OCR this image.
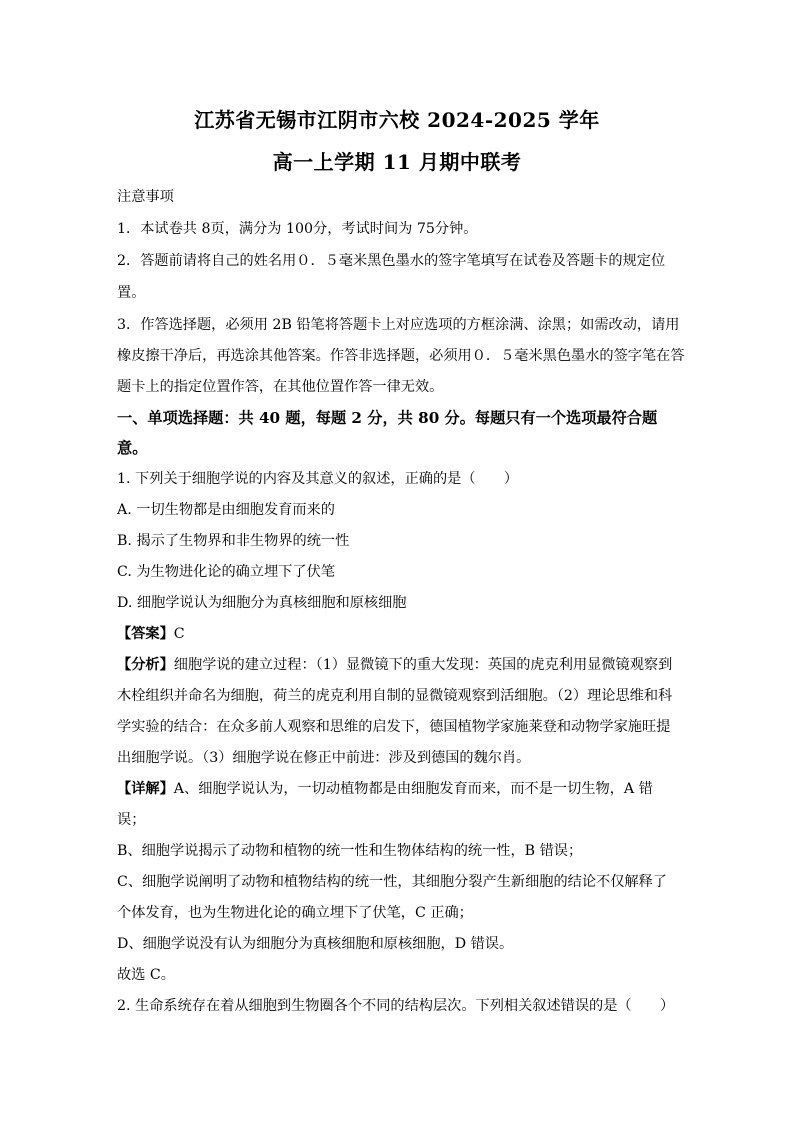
江苏省无锡市江阴市六校 2024-2025 学年
高一上学期 11 月期中联考
注意事项
1．本试卷共 8页，满分为 100分，考试时间为 75分钟。
2．答题前请将自己的姓名用０．５毫米黑色墨水的签字笔填写在试卷及答题卡的规定位
置。
3．作答选择题，必须用 2B 铅笔将答题卡上对应选项的方框涂满、涂黑；如需改动，请用
橡皮擦干净后，再选涂其他答案。作答非选择题，必须用０．５毫米黑色墨水的签字笔在答
题卡上的指定位置作答，在其他位置作答一律无效。
一、单项选择题：共 40 题，每题 2 分，共 80 分。每题只有一个选项最符合题
意。
1. 下列关于细胞学说的内容及其意义的叙述，正确的是（　　）
A. 一切生物都是由细胞发育而来的
B. 揭示了生物界和非生物界的统一性
C. 为生物进化论的确立埋下了伏笔
D. 细胞学说认为细胞分为真核细胞和原核细胞
【答案】C
【分析】细胞学说的建立过程：（1）显微镜下的重大发现：英国的虎克利用显微镜观察到
木栓组织并命名为细胞，荷兰的虎克利用自制的显微镜观察到活细胞。（2）理论思维和科
学实验的结合：在众多前人观察和思维的启发下，德国植物学家施莱登和动物学家施旺提
出细胞学说。（3）细胞学说在修正中前进：涉及到德国的魏尔肖。
【详解】A、细胞学说认为，一切动植物都是由细胞发育而来，而不是一切生物，A 错
误；
B、细胞学说揭示了动物和植物的统一性和生物体结构的统一性，B 错误；
C、细胞学说阐明了动物和植物结构的统一性，其细胞分裂产生新细胞的结论不仅解释了
个体发育，也为生物进化论的确立埋下了伏笔，C 正确；
D、细胞学说没有认为细胞分为真核细胞和原核细胞，D 错误。
故选 C。
2. 生命系统存在着从细胞到生物圈各个不同的结构层次。下列相关叙述错误的是（　　）
